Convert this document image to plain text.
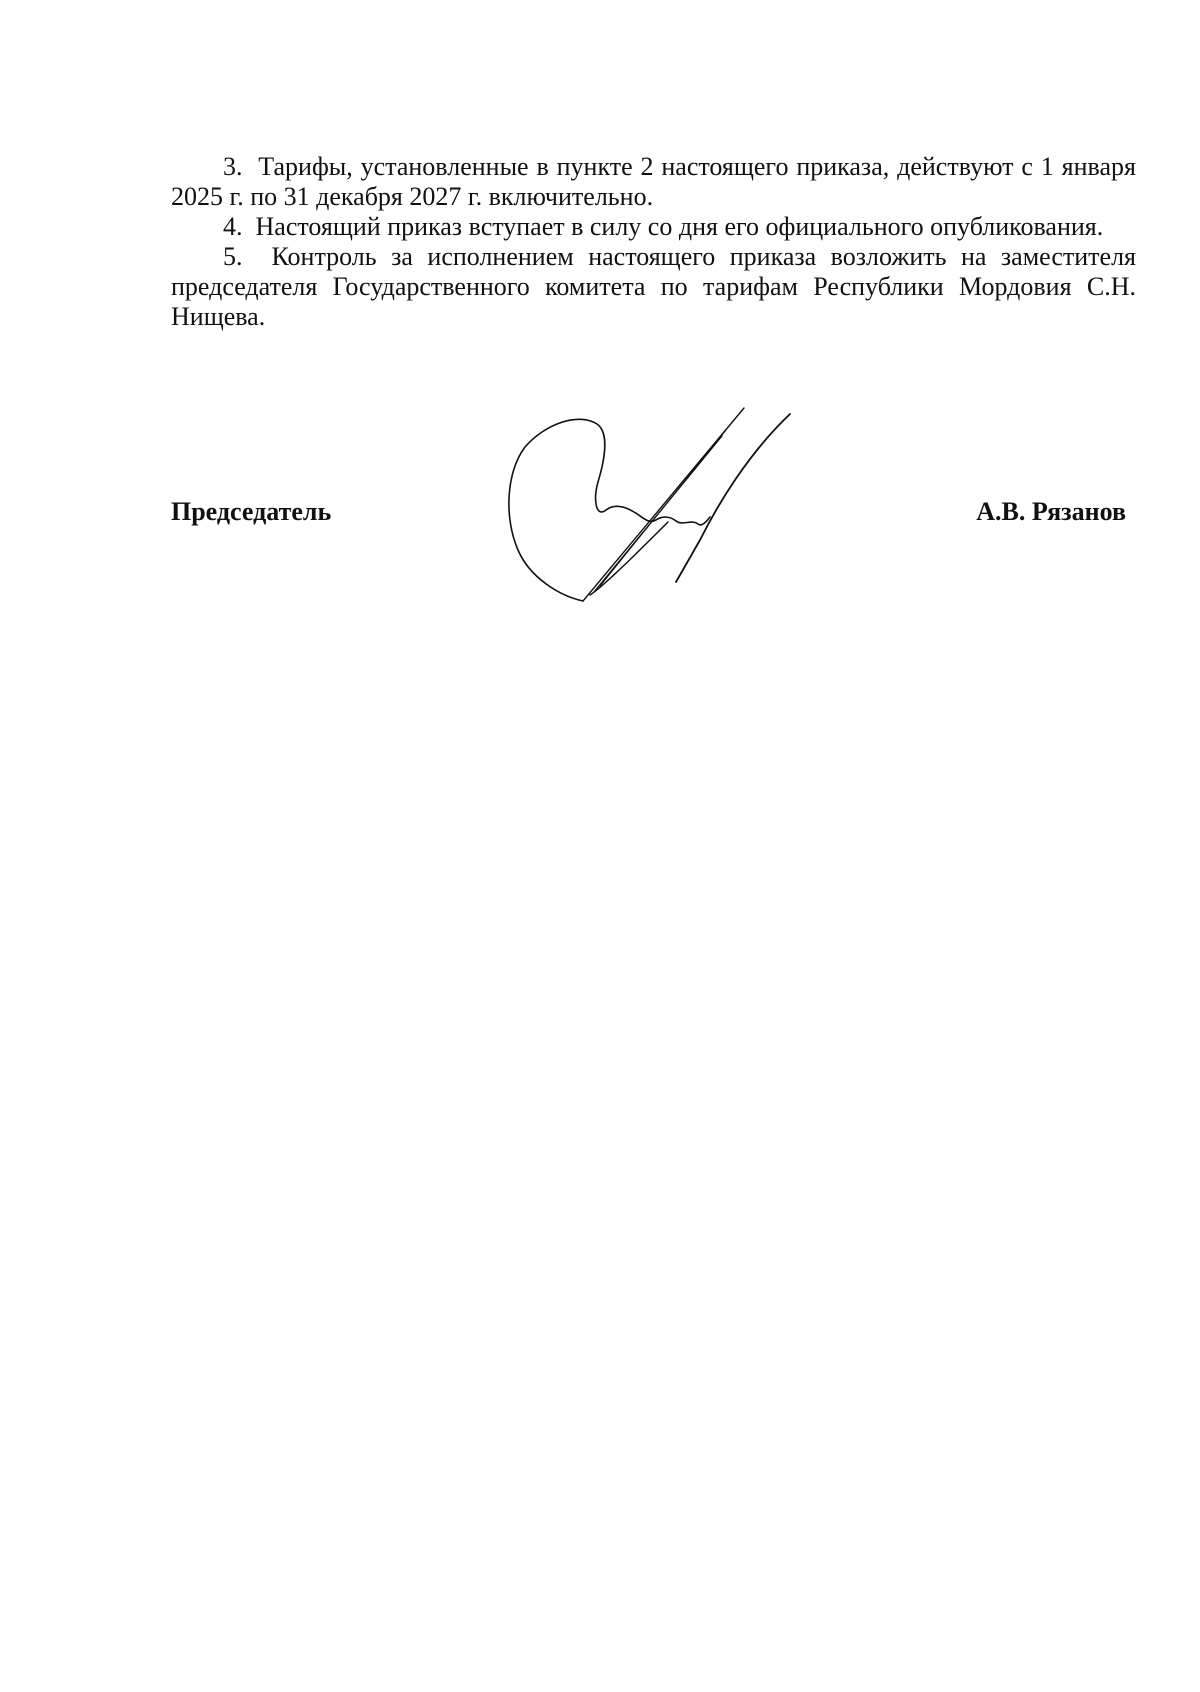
3. Тарифы, установленные в пункте 2 настоящего приказа, действуют с 1 января 2025 г. по 31 декабря 2027 г. включительно.

4. Настоящий приказ вступает в силу со дня его официального опубликования.

5. Контроль за исполнением настоящего приказа возложить на заместителя председателя Государственного комитета по тарифам Республики Мордовия С.Н. Нищева.

Председатель	А.В. Рязанов
